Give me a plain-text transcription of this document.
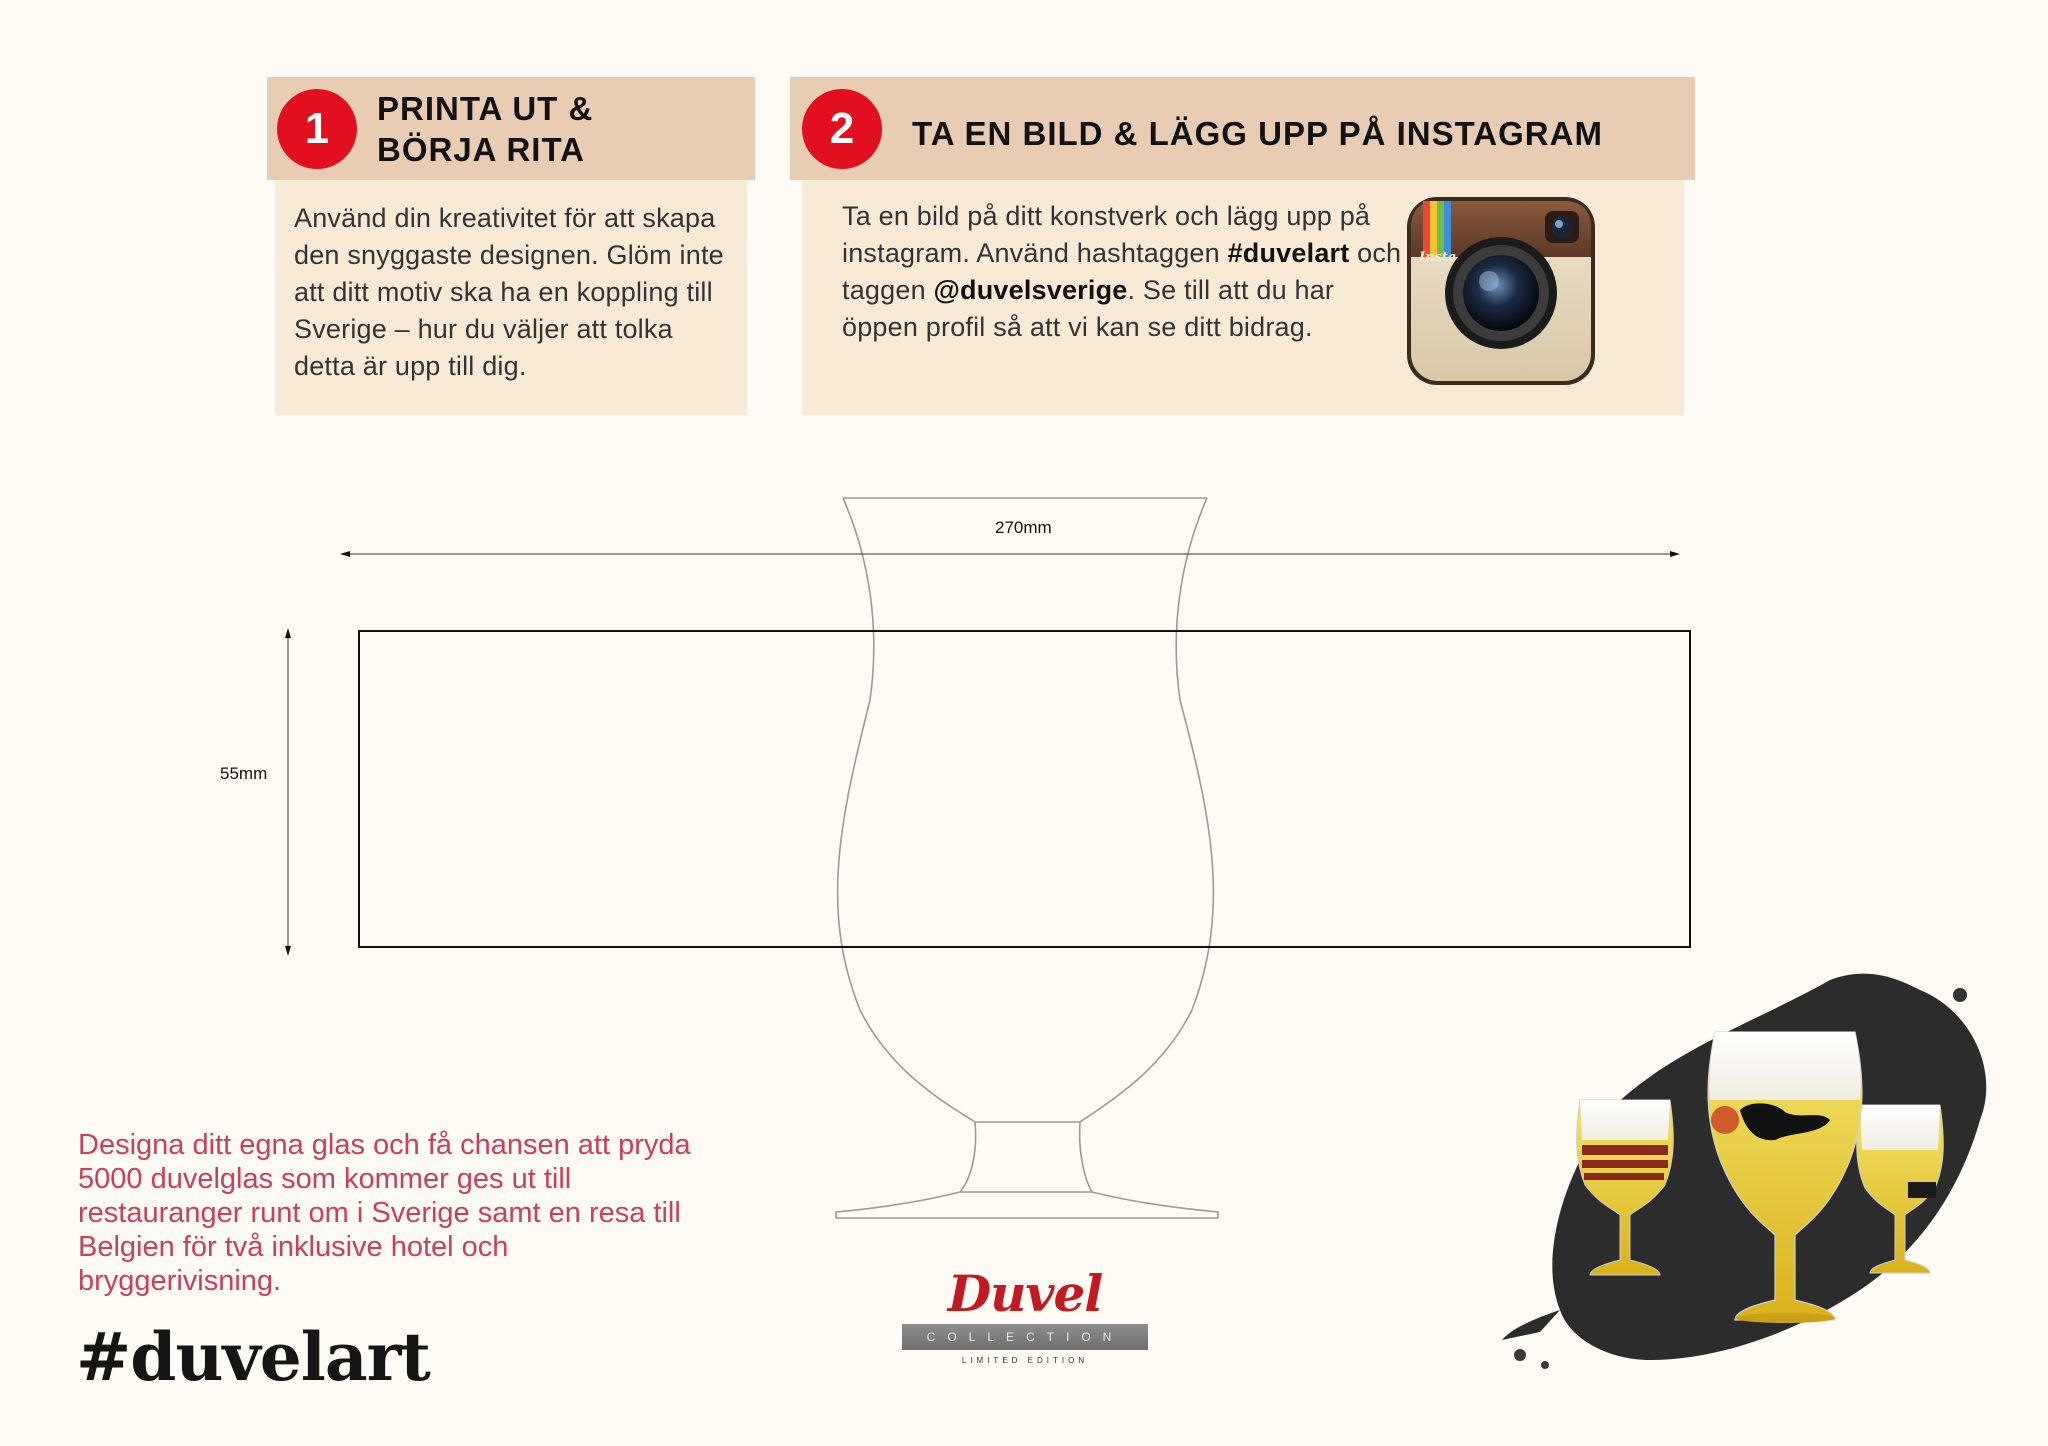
1	PRINTA UT &
BÖRJA RITA
Använd din kreativitet för att skapa den snyggaste designen. Glöm inte att ditt motiv ska ha en koppling till Sverige – hur du väljer att tolka detta är upp till dig.
2	TA EN BILD & LÄGG UPP PÅ INSTAGRAM
Ta en bild på ditt konstverk och lägg upp på instagram. Använd hashtaggen #duvelart och taggen @duvelsverige. Se till att du har öppen profil så att vi kan se ditt bidrag.
Insta
270mm
55mm
Designa ditt egna glas och få chansen att pryda 5000 duvelglas som kommer ges ut till restauranger runt om i Sverige samt en resa till Belgien för två inklusive hotel och bryggerivisning.
#duvelart
Duvel
COLLECTION
LIMITED EDITION
